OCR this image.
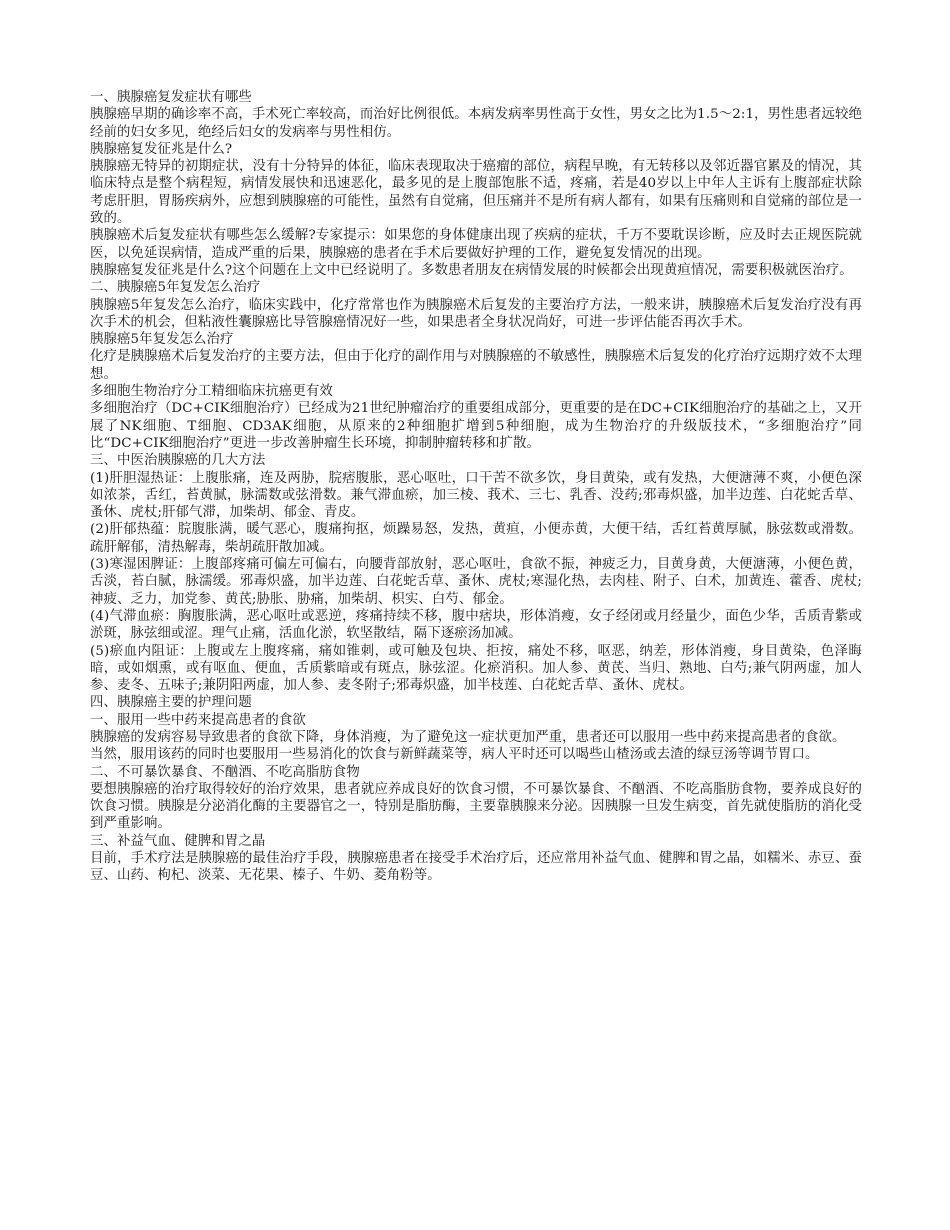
一、胰腺癌复发症状有哪些

胰腺癌早期的确诊率不高，手术死亡率较高，而治好比例很低。本病发病率男性高于女性，男女之比为1.5～2:1，男性患者远较绝经前的妇女多见，绝经后妇女的发病率与男性相仿。

胰腺癌复发征兆是什么?

胰腺癌无特异的初期症状，没有十分特异的体征，临床表现取决于癌瘤的部位，病程早晚，有无转移以及邻近器官累及的情况，其临床特点是整个病程短，病情发展快和迅速恶化，最多见的是上腹部饱胀不适，疼痛，若是40岁以上中年人主诉有上腹部症状除考虑肝胆，胃肠疾病外，应想到胰腺癌的可能性，虽然有自觉痛，但压痛并不是所有病人都有，如果有压痛则和自觉痛的部位是一致的。

胰腺癌术后复发症状有哪些怎么缓解?专家提示：如果您的身体健康出现了疾病的症状，千万不要耽误诊断，应及时去正规医院就医，以免延误病情，造成严重的后果，胰腺癌的患者在手术后要做好护理的工作，避免复发情况的出现。

胰腺癌复发征兆是什么?这个问题在上文中已经说明了。多数患者朋友在病情发展的时候都会出现黄疸情况，需要积极就医治疗。

二、胰腺癌5年复发怎么治疗

胰腺癌5年复发怎么治疗，临床实践中，化疗常常也作为胰腺癌术后复发的主要治疗方法，一般来讲，胰腺癌术后复发治疗没有再次手术的机会，但粘液性囊腺癌比导管腺癌情况好一些，如果患者全身状况尚好，可进一步评估能否再次手术。

胰腺癌5年复发怎么治疗

化疗是胰腺癌术后复发治疗的主要方法，但由于化疗的副作用与对胰腺癌的不敏感性，胰腺癌术后复发的化疗治疗远期疗效不太理想。

多细胞生物治疗分工精细临床抗癌更有效

多细胞治疗（DC+CIK细胞治疗）已经成为21世纪肿瘤治疗的重要组成部分，更重要的是在DC+CIK细胞治疗的基础之上，又开展了NK细胞、T细胞、CD3AK细胞，从原来的2种细胞扩增到5种细胞，成为生物治疗的升级版技术，“多细胞治疗”同比“DC+CIK细胞治疗”更进一步改善肿瘤生长环境，抑制肿瘤转移和扩散。

三、中医治胰腺癌的几大方法

(1)肝胆湿热证：上腹胀痛，连及两胁，脘痞腹胀，恶心呕吐，口干苦不欲多饮，身目黄染，或有发热，大便溏薄不爽，小便色深如浓茶，舌红，苔黄腻，脉濡数或弦滑数。兼气滞血瘀，加三棱、莪术、三七、乳香、没药;邪毒炽盛，加半边莲、白花蛇舌草、蚤休、虎杖;肝郁气滞，加柴胡、郁金、青皮。

(2)肝郁热蕴：脘腹胀满，暖气恶心，腹痛拘抠，烦躁易怒，发热，黄疸，小便赤黄，大便干结，舌红苔黄厚腻，脉弦数或滑数。疏肝解郁，清热解毒，柴胡疏肝散加减。

(3)寒湿困脾证：上腹部疼痛可偏左可偏右，向腰背部放射，恶心呕吐，食欲不振，神疲乏力，目黄身黄，大便溏薄，小便色黄，舌淡，苔白腻，脉濡缓。邪毒炽盛，加半边莲、白花蛇舌草、蚤休、虎杖;寒湿化热，去肉桂、附子、白术，加黄连、藿香、虎杖;神疲、乏力，加党参、黄芪;胁胀、胁痛，加柴胡、枳实、白芍、郁金。

(4)气滞血瘀：胸腹胀满，恶心呕吐或恶逆，疼痛持续不移，腹中痞块，形体消瘦，女子经闭或月经量少，面色少华，舌质青紫或淤斑，脉弦细或涩。理气止痛，活血化淤，软坚散结，隔下逐瘀汤加减。

(5)瘀血内阻证：上腹或左上腹疼痛，痛如锥刺，或可触及包块、拒按，痛处不移，呕恶，纳差，形体消瘦，身目黄染，色泽晦暗，或如烟熏，或有呕血、便血，舌质紫暗或有斑点，脉弦涩。化瘀消积。加人参、黄芪、当归、熟地、白芍;兼气阴两虚，加人参、麦冬、五味子;兼阴阳两虚，加人参、麦冬附子;邪毒炽盛，加半枝莲、白花蛇舌草、蚤休、虎杖。

四、胰腺癌主要的护理问题

一、服用一些中药来提高患者的食欲

胰腺癌的发病容易导致患者的食欲下降，身体消瘦，为了避免这一症状更加严重，患者还可以服用一些中药来提高患者的食欲。

当然，服用该药的同时也要服用一些易消化的饮食与新鲜蔬菜等，病人平时还可以喝些山楂汤或去渣的绿豆汤等调节胃口。

二、不可暴饮暴食、不酗酒、不吃高脂肪食物

要想胰腺癌的治疗取得较好的治疗效果，患者就应养成良好的饮食习惯，不可暴饮暴食、不酗酒、不吃高脂肪食物，要养成良好的饮食习惯。胰腺是分泌消化酶的主要器官之一，特别是脂肪酶，主要靠胰腺来分泌。因胰腺一旦发生病变，首先就使脂肪的消化受到严重影响。

三、补益气血、健脾和胃之晶

目前，手术疗法是胰腺癌的最佳治疗手段，胰腺癌患者在接受手术治疗后，还应常用补益气血、健脾和胃之晶，如糯米、赤豆、蚕豆、山药、枸杞、淡菜、无花果、榛子、牛奶、菱角粉等。
